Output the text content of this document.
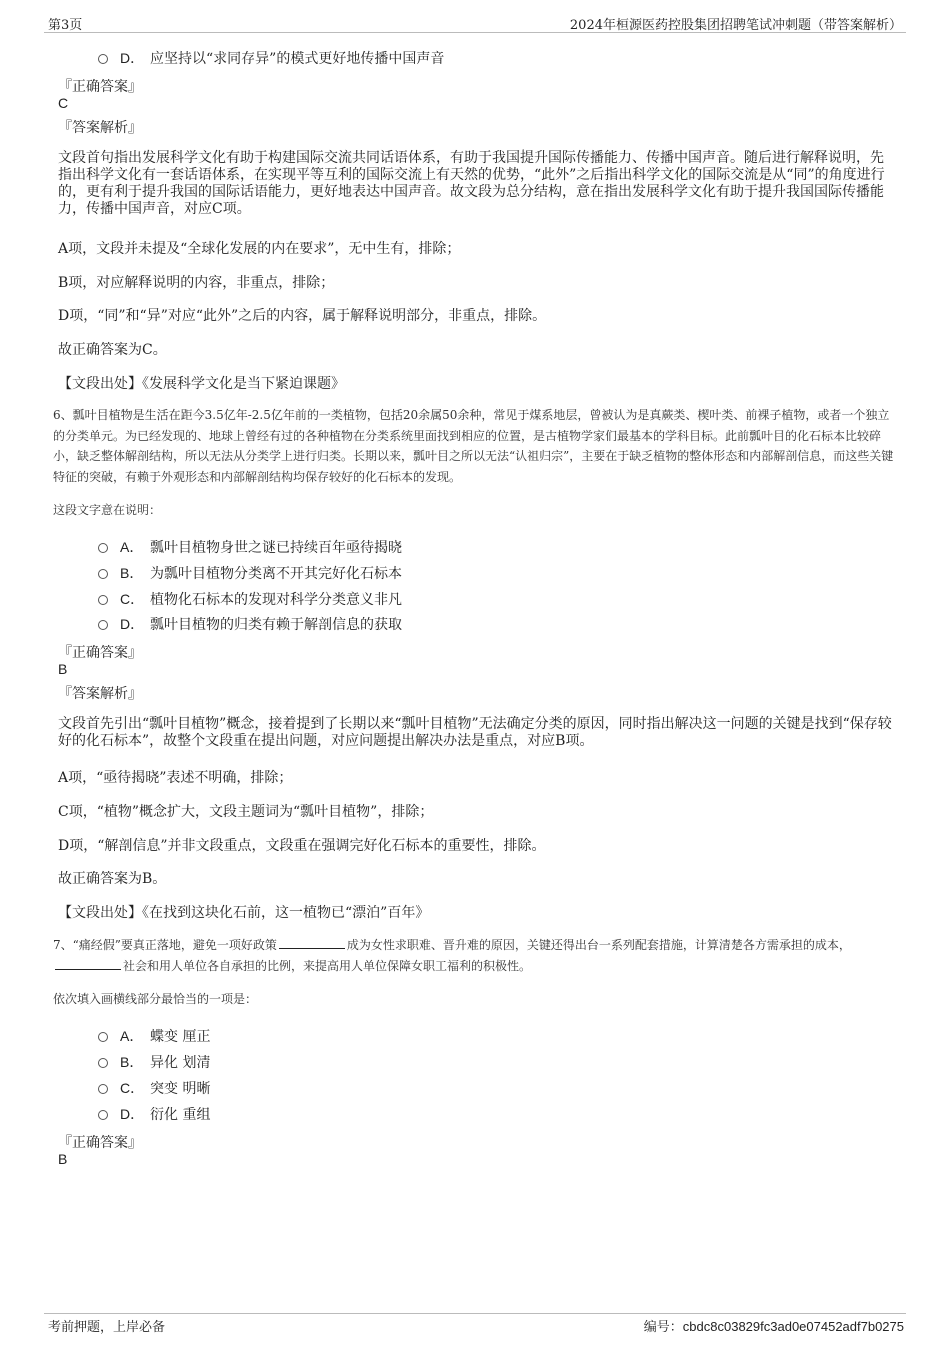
第3页	2024年桓源医药控股集团招聘笔试冲刺题（带答案解析）
D． 应坚持以“求同存异”的模式更好地传播中国声音
『正确答案』
C
『答案解析』
文段首句指出发展科学文化有助于构建国际交流共同话语体系，有助于我国提升国际传播能力、传播中国声音。随后进行解释说明，先指出科学文化有一套话语体系，在实现平等互利的国际交流上有天然的优势，“此外”之后指出科学文化的国际交流是从“同”的角度进行的，更有利于提升我国的国际话语能力，更好地表达中国声音。故文段为总分结构，意在指出发展科学文化有助于提升我国国际传播能力，传播中国声音，对应C项。
A项，文段并未提及“全球化发展的内在要求”，无中生有，排除；
B项，对应解释说明的内容，非重点，排除；
D项，“同”和“异”对应“此外”之后的内容，属于解释说明部分，非重点，排除。
故正确答案为C。
【文段出处】《发展科学文化是当下紧迫课题》
6、瓢叶目植物是生活在距今3.5亿年-2.5亿年前的一类植物，包括20余属50余种，常见于煤系地层，曾被认为是真蕨类、楔叶类、前裸子植物，或者一个独立的分类单元。为已经发现的、地球上曾经有过的各种植物在分类系统里面找到相应的位置，是古植物学家们最基本的学科目标。此前瓢叶目的化石标本比较碎小，缺乏整体解剖结构，所以无法从分类学上进行归类。长期以来，瓢叶目之所以无法“认祖归宗”，主要在于缺乏植物的整体形态和内部解剖信息，而这些关键特征的突破，有赖于外观形态和内部解剖结构均保存较好的化石标本的发现。
这段文字意在说明：
A． 瓢叶目植物身世之谜已持续百年亟待揭晓
B． 为瓢叶目植物分类离不开其完好化石标本
C． 植物化石标本的发现对科学分类意义非凡
D． 瓢叶目植物的归类有赖于解剖信息的获取
『正确答案』
B
『答案解析』
文段首先引出“瓢叶目植物”概念，接着提到了长期以来“瓢叶目植物”无法确定分类的原因，同时指出解决这一问题的关键是找到“保存较好的化石标本”，故整个文段重在提出问题，对应问题提出解决办法是重点，对应B项。
A项，“亟待揭晓”表述不明确，排除；
C项，“植物”概念扩大，文段主题词为“瓢叶目植物”，排除；
D项，“解剖信息”并非文段重点，文段重在强调完好化石标本的重要性，排除。
故正确答案为B。
【文段出处】《在找到这块化石前，这一植物已“漂泊”百年》
7、“痛经假”要真正落地，避免一项好政策	成为女性求职难、晋升难的原因，关键还得出台一系列配套措施，计算清楚各方需承担的成本，社会和用人单位各自承担的比例，来提高用人单位保障女职工福利的积极性。
依次填入画横线部分最恰当的一项是：
A． 蝶变 厘正
B． 异化 划清
C． 突变 明晰
D． 衍化 重组
『正确答案』
B
考前押题，上岸必备	编号：cbdc8c03829fc3ad0e07452adf7b0275
